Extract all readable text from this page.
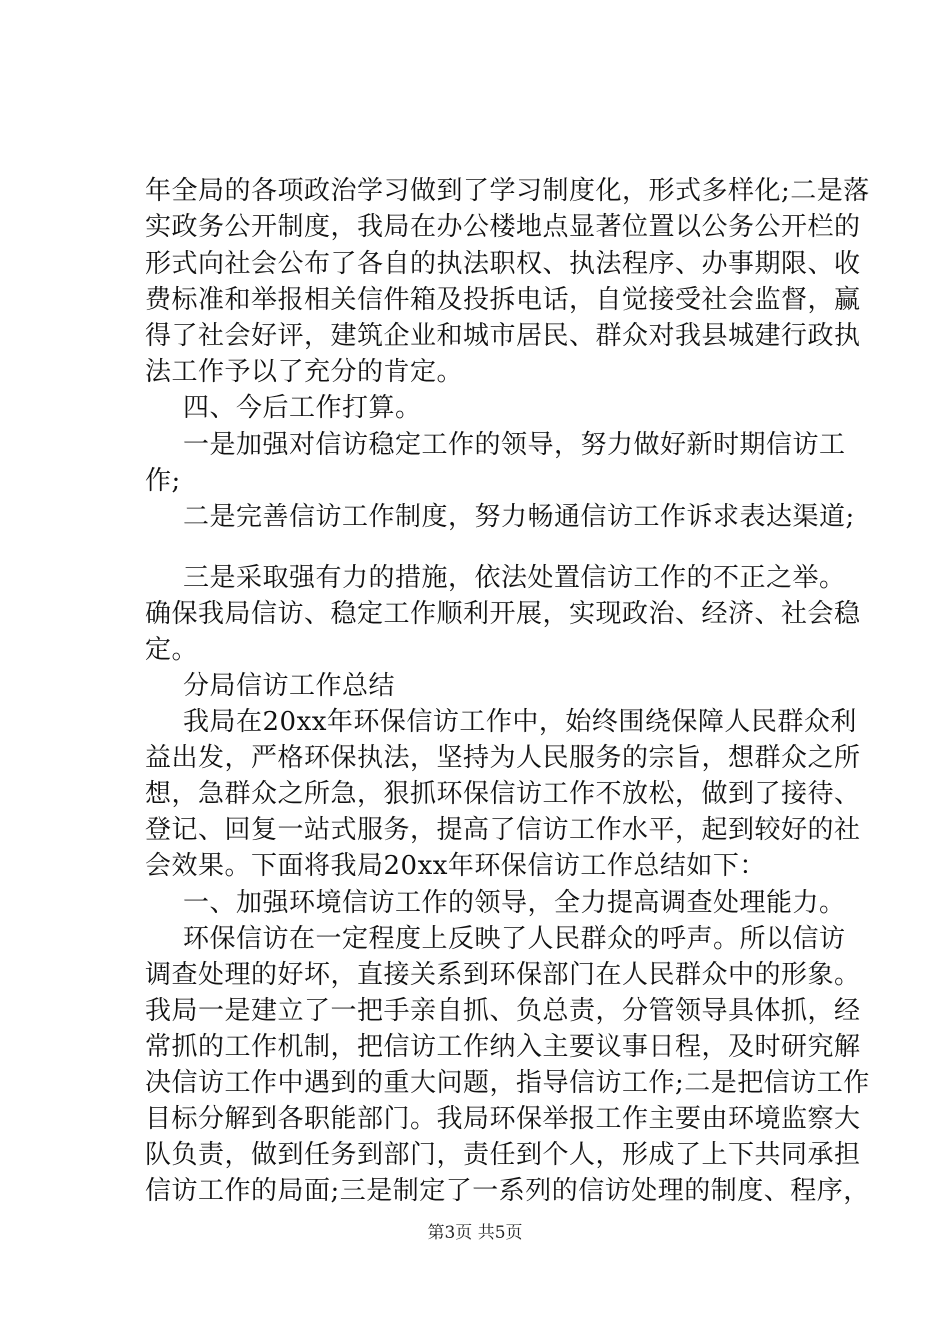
年全局的各项政治学习做到了学习制度化，形式多样化;二是落
实政务公开制度，我局在办公楼地点显著位置以公务公开栏的
形式向社会公布了各自的执法职权、执法程序、办事期限、收
费标准和举报相关信件箱及投拆电话，自觉接受社会监督，赢
得了社会好评，建筑企业和城市居民、群众对我县城建行政执
法工作予以了充分的肯定。
四、今后工作打算。
一是加强对信访稳定工作的领导，努力做好新时期信访工
作;
二是完善信访工作制度，努力畅通信访工作诉求表达渠道;
三是采取强有力的措施，依法处置信访工作的不正之举。
确保我局信访、稳定工作顺利开展，实现政治、经济、社会稳
定。
分局信访工作总结
我局在20xx年环保信访工作中，始终围绕保障人民群众利
益出发，严格环保执法，坚持为人民服务的宗旨，想群众之所
想，急群众之所急，狠抓环保信访工作不放松，做到了接待、
登记、回复一站式服务，提高了信访工作水平，起到较好的社
会效果。下面将我局20xx年环保信访工作总结如下：
一、加强环境信访工作的领导，全力提高调查处理能力。
环保信访在一定程度上反映了人民群众的呼声。所以信访
调查处理的好坏，直接关系到环保部门在人民群众中的形象。
我局一是建立了一把手亲自抓、负总责，分管领导具体抓，经
常抓的工作机制，把信访工作纳入主要议事日程，及时研究解
决信访工作中遇到的重大问题，指导信访工作;二是把信访工作
目标分解到各职能部门。我局环保举报工作主要由环境监察大
队负责，做到任务到部门，责任到个人，形成了上下共同承担
信访工作的局面;三是制定了一系列的信访处理的制度、程序，
第3页 共5页
